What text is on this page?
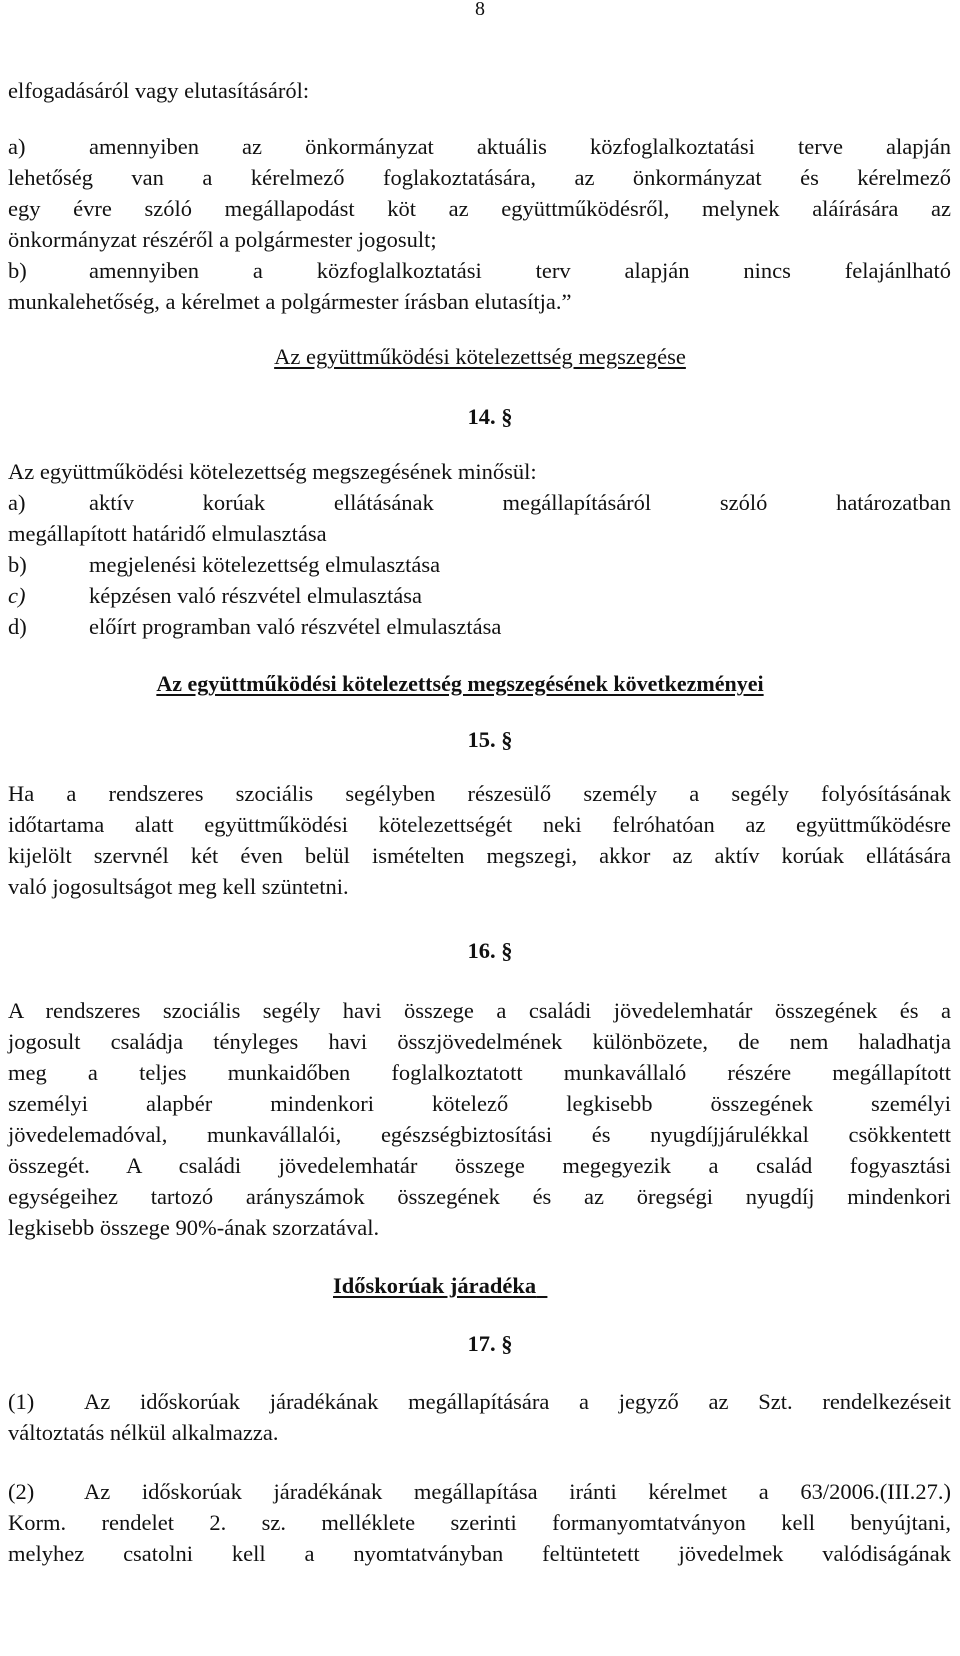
8
elfogadásáról vagy elutasításáról:
a)	amennyiben az önkormányzat aktuális közfoglalkoztatási terve alapján
lehetőség van a kérelmező foglakoztatására, az önkormányzat és kérelmező
egy évre szóló megállapodást köt az együttműködésről, melynek aláírására az
önkormányzat részéről a polgármester jogosult;
b)	amennyiben a közfoglalkoztatási terv alapján nincs felajánlható
munkalehetőség, a kérelmet a polgármester írásban elutasítja.”
Az együttműködési kötelezettség megszegése
14. §
Az együttműködési kötelezettség megszegésének minősül:
a)	aktív korúak ellátásának megállapításáról szóló határozatban
megállapított határidő elmulasztása
b)	megjelenési kötelezettség elmulasztása
c)	képzésen való részvétel elmulasztása
d)	előírt programban való részvétel elmulasztása
Az együttműködési kötelezettség megszegésének következményei
15. §
Ha a rendszeres szociális segélyben részesülő személy a segély folyósításának
időtartama alatt együttműködési kötelezettségét neki felróhatóan az együttműködésre
kijelölt szervnél két éven belül ismételten megszegi, akkor az aktív korúak ellátására
való jogosultságot meg kell szüntetni.
16. §
A rendszeres szociális segély havi összege a családi jövedelemhatár összegének és a
jogosult családja tényleges havi összjövedelmének különbözete, de nem haladhatja
meg a teljes munkaidőben foglalkoztatott munkavállaló részére megállapított
személyi alapbér mindenkori kötelező legkisebb összegének személyi
jövedelemadóval, munkavállalói, egészségbiztosítási és nyugdíjjárulékkal csökkentett
összegét. A családi jövedelemhatár összege megegyezik a család fogyasztási
egységeihez tartozó arányszámok összegének és az öregségi nyugdíj mindenkori
legkisebb összege 90%-ának szorzatával.
Időskorúak járadéka
17. §
(1) Az időskorúak járadékának megállapítására a jegyző az Szt. rendelkezéseit
változtatás nélkül alkalmazza.
(2) Az időskorúak járadékának megállapítása iránti kérelmet a 63/2006.(III.27.)
Korm. rendelet 2. sz. melléklete szerinti formanyomtatványon kell benyújtani,
melyhez csatolni kell a nyomtatványban feltüntetett jövedelmek valódiságának
